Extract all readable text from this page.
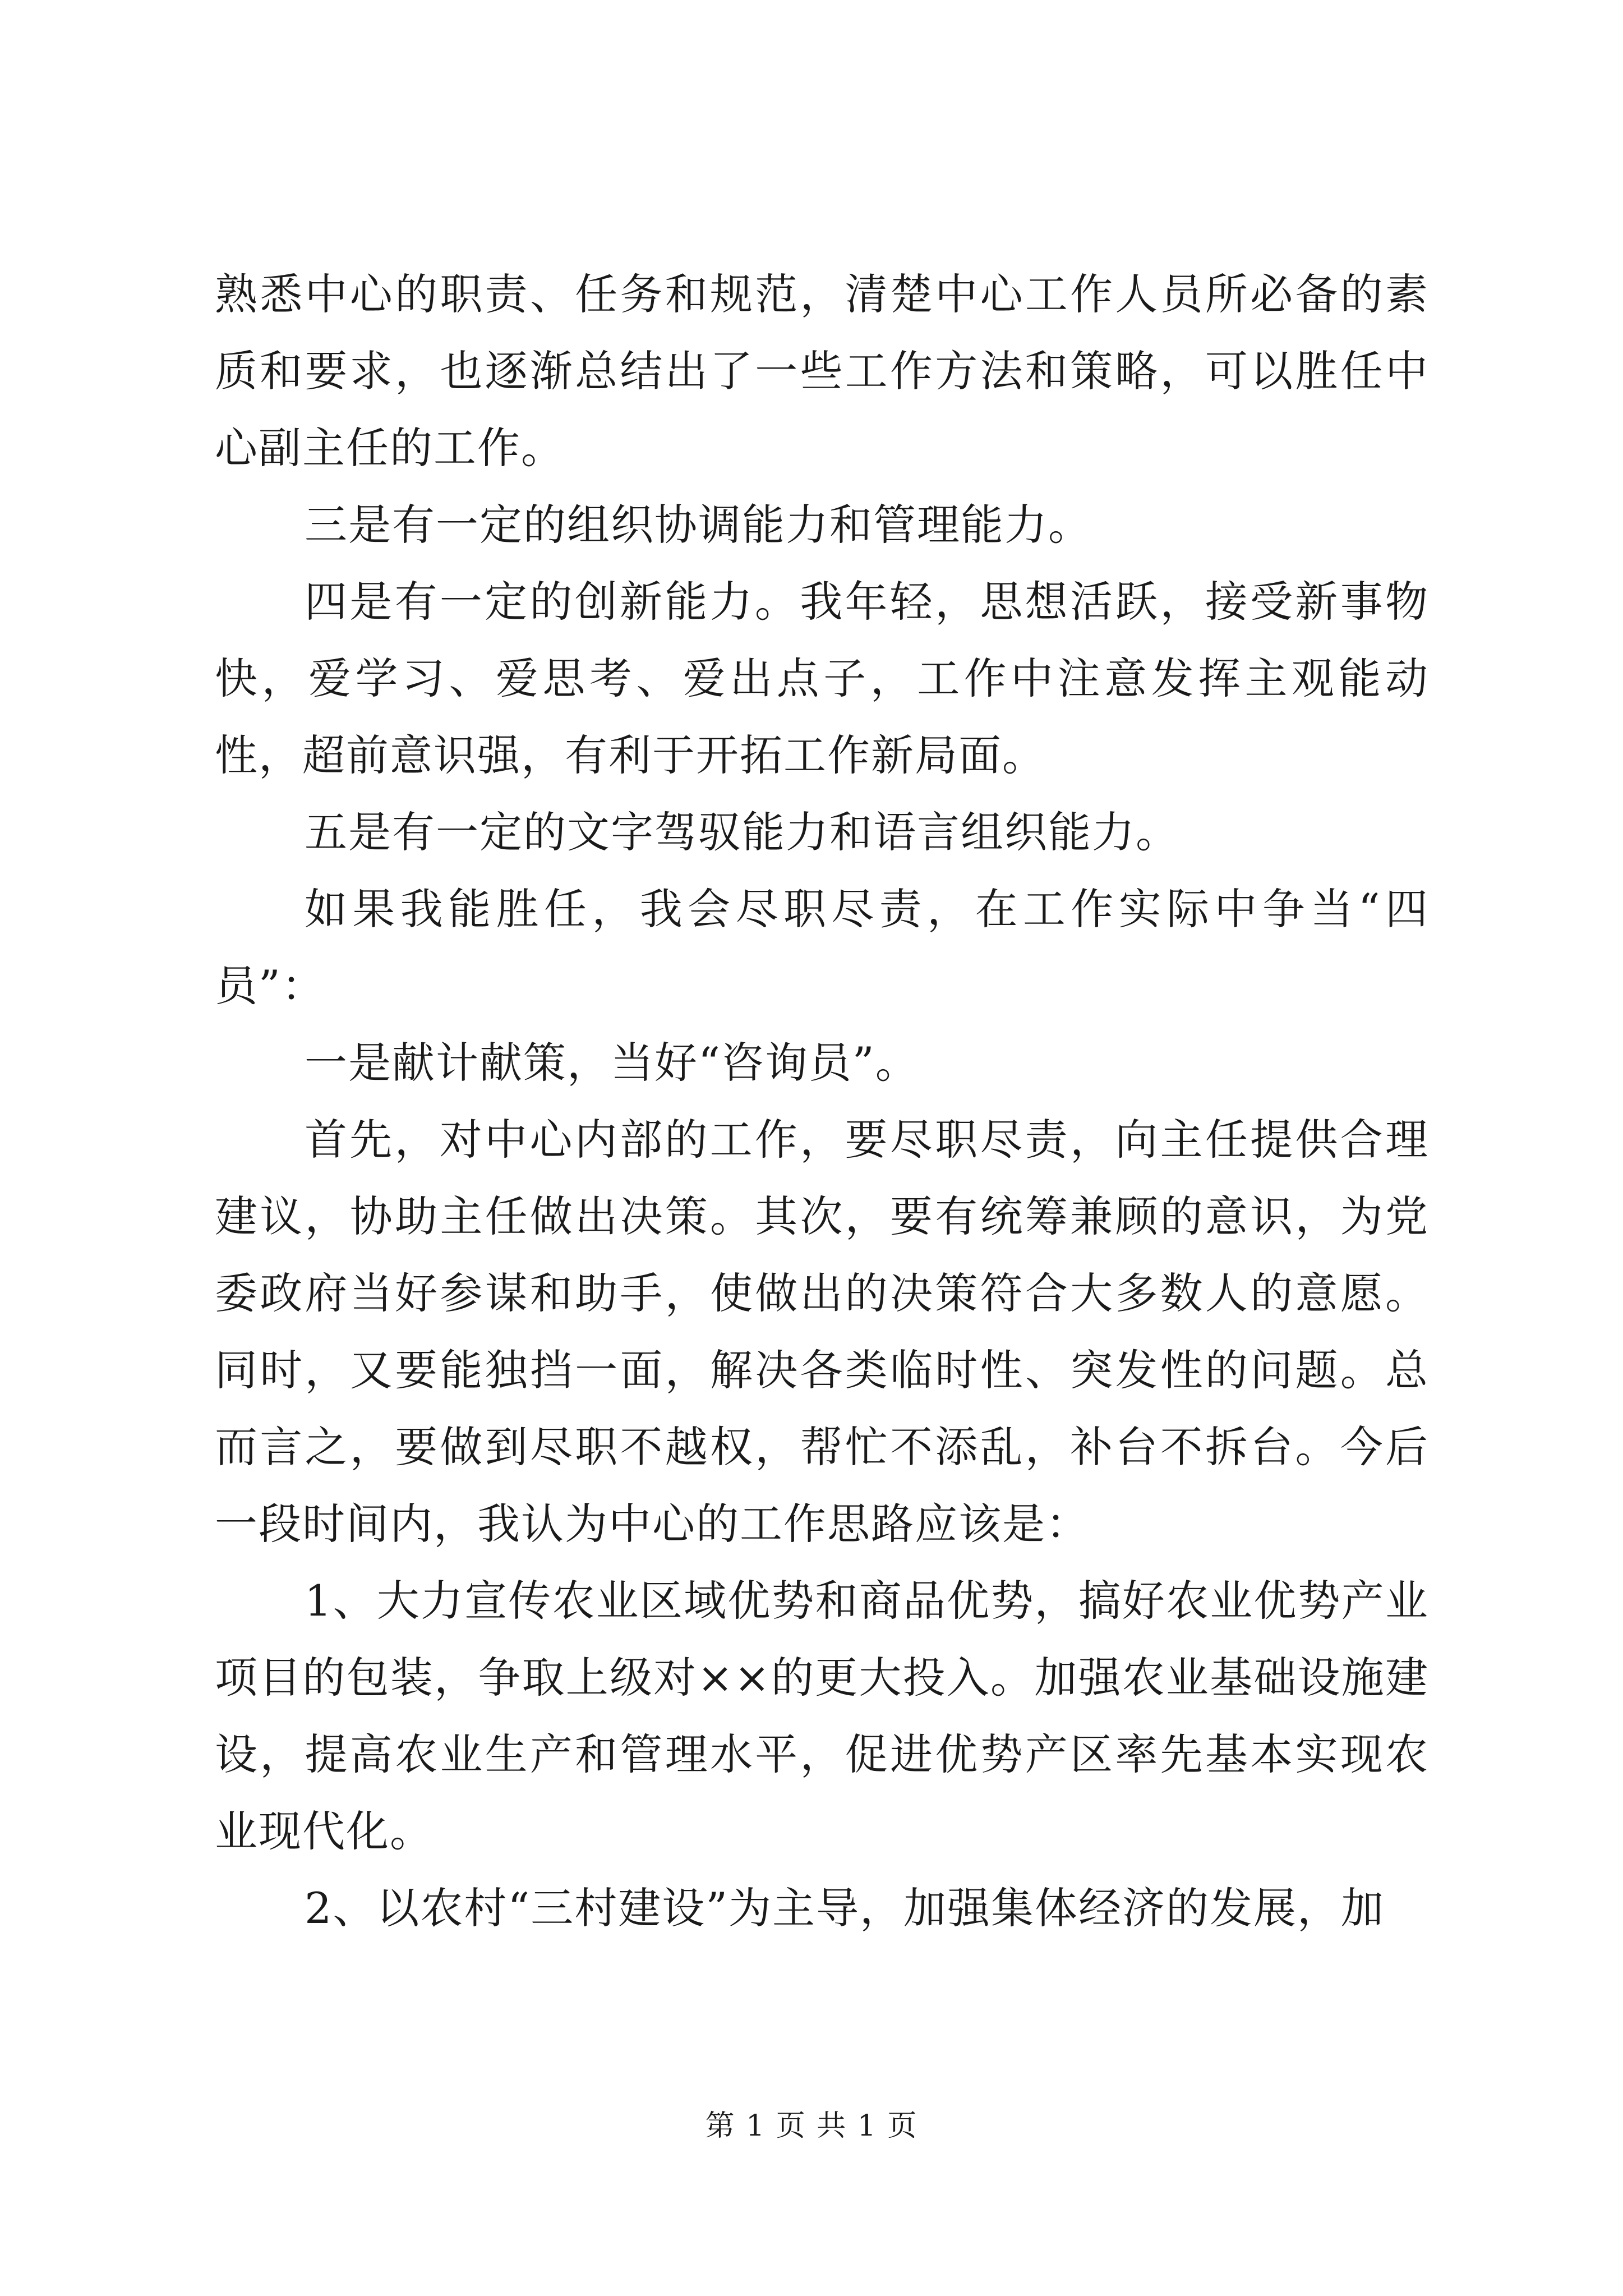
熟悉中心的职责、任务和规范，清楚中心工作人员所必备的素质和要求，也逐渐总结出了一些工作方法和策略，可以胜任中心副主任的工作。

三是有一定的组织协调能力和管理能力。

四是有一定的创新能力。我年轻，思想活跃，接受新事物快，爱学习、爱思考、爱出点子，工作中注意发挥主观能动性，超前意识强，有利于开拓工作新局面。

五是有一定的文字驾驭能力和语言组织能力。

如果我能胜任，我会尽职尽责，在工作实际中争当“四员”：

一是献计献策，当好“咨询员”。

首先，对中心内部的工作，要尽职尽责，向主任提供合理建议，协助主任做出决策。其次，要有统筹兼顾的意识，为党委政府当好参谋和助手，使做出的决策符合大多数人的意愿。同时，又要能独挡一面，解决各类临时性、突发性的问题。总而言之，要做到尽职不越权，帮忙不添乱，补台不拆台。今后一段时间内，我认为中心的工作思路应该是：

1、大力宣传农业区域优势和商品优势，搞好农业优势产业项目的包装，争取上级对××的更大投入。加强农业基础设施建设，提高农业生产和管理水平，促进优势产区率先基本实现农业现代化。

2、以农村“三村建设”为主导，加强集体经济的发展，加

第 1 页 共 1 页
